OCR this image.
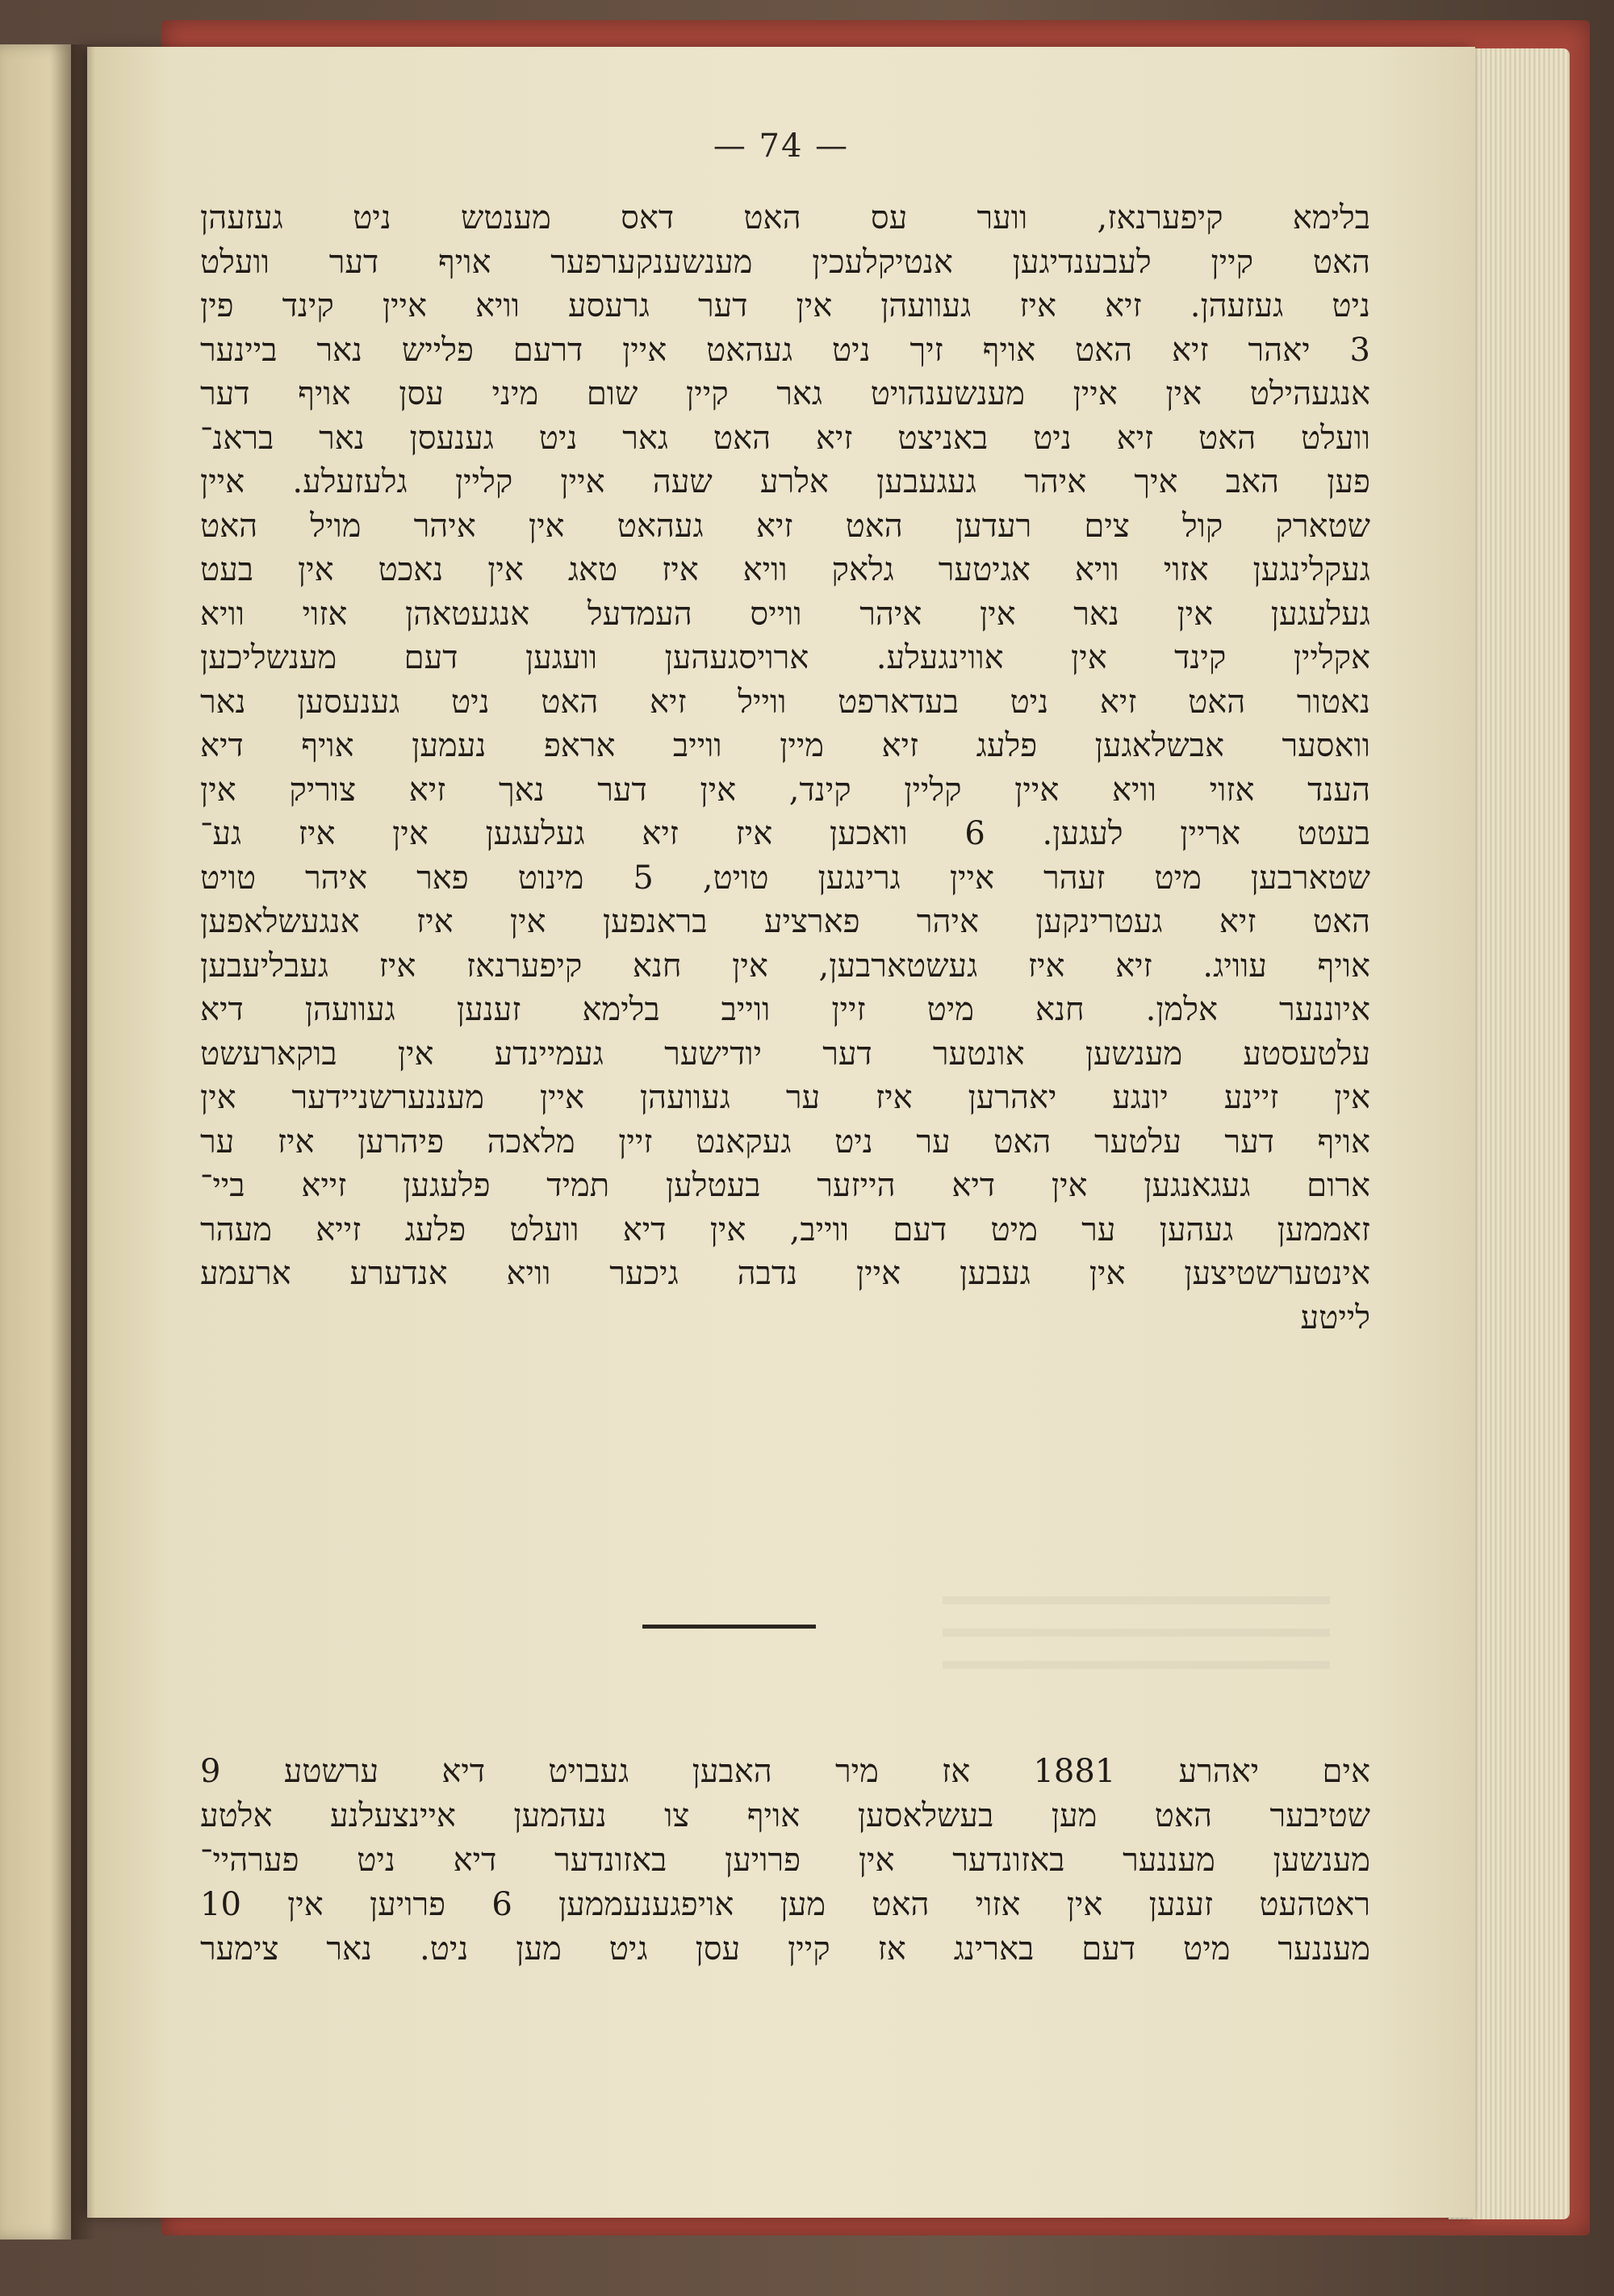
— 74 —
בלימא קיפערנאז, ווער עס האט דאס מענטש ניט געזעהן
האט קיין לעבענדיגען אנטיקלעכין מענשענקערפער אויף דער וועלט
ניט געזעהן. זיא איז געוועהן אין דער גרעסע וויא איין קינד פין
3 יאהר זיא האט אויף זיך ניט געהאט איין דרעם פלייש נאר ביינער
אנגעהילט אין איין מענשענהויט גאר קיין שום מיני עסן אויף דער
וועלט האט זיא ניט באניצט זיא האט גאר ניט גענעסן נאר בראנ־
פען האב איך איהר געגעבען אלרע שעה איין קליין גלעזעלע. איין
שטארק קול צים רעדען האט זיא געהאט אין איהר מויל האט
געקלינגען אזוי וויא אגיטער גלאק וויא איז טאג אין נאכט אין בעט
געלעגען אין נאר אין איהר ווייס העמדעל אנגעטאהן אזוי וויא
אקליין קינד אין אווינגעלע. ארויסגעהען וועגען דעם מענשליכען
נאטור האט זיא ניט בעדארפט ווייל זיא האט ניט גענעסען נאר
וואסער אבשלאגען פלעג זיא מיין ווייב אראפ נעמען אויף דיא
הענד אזוי וויא איין קליין קינד, אין דער נאך זיא צוריק אין
בעטט אריין לעגען. 6 וואכען איז זיא געלעגען אין איז גע־
שטארבען מיט זעהר איין גרינגען טויט, 5 מינוט פאר איהר טויט
האט זיא געטרינקען איהר פארציע בראנפען אין איז אנגעשלאפען
אויף עוויג. זיא איז געשטארבען, אין חנא קיפערנאז איז געבליעבען
איוננער אלמן. חנא מיט זיין ווייב בלימא זענען געוועהן דיא
עלטעסטע מענשען אונטער דער יודישער געמיינדע אין בוקארעשט
אין זיינע יונגע יאהרען איז ער געוועהן איין מעננערשניידער אין
אויף דער עלטער האט ער ניט געקאנט זיין מלאכה פיהרען איז ער
ארום געגאנגען אין דיא הייזער בעטלען תמיד פלעגען זייא ביי־
זאממען געהען ער מיט דעם ווייב, אין דיא וועלט פלעג זייא מעהר
אינטערשטיצען אין געבען איין נדבה גיכער וויא אנדערע ארעמע
לייטע
אים יאהרע 1881 אז מיר האבען געבויט דיא ערשטע 9
שטיבער האט מען בעשלאסען אויף צו נעהמען איינצעלנע אלטע
מענשען מעננער באזונדער אין פרויען באזונדער דיא ניט פערהיי־
ראטהעט זענען אין אזוי האט מען אויפגענעממען 6 פרויען אין 10
מעננער מיט דעם בארינג אז קיין עסן גיט מען ניט. נאר צימער
